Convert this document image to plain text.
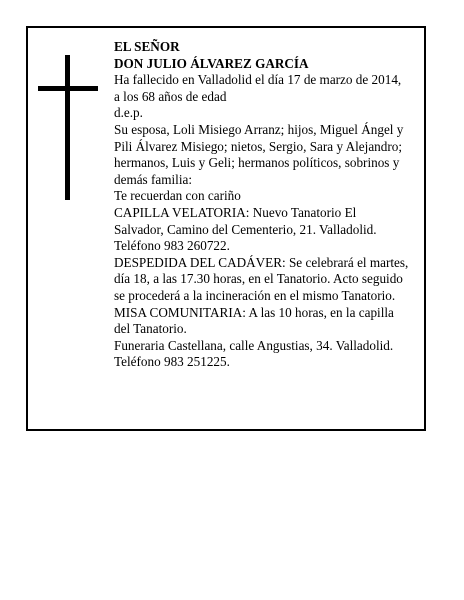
EL SEÑOR
DON JULIO ÁLVAREZ GARCÍA
Ha fallecido en Valladolid el día 17 de marzo de 2014,
a los 68 años de edad
d.e.p.
Su esposa, Loli Misiego Arranz; hijos, Miguel Ángel y
Pili Álvarez Misiego; nietos, Sergio, Sara y Alejandro;
hermanos, Luis y Geli; hermanos políticos, sobrinos y
demás familia:
Te recuerdan con cariño
CAPILLA VELATORIA: Nuevo Tanatorio El
Salvador, Camino del Cementerio, 21. Valladolid.
Teléfono 983 260722.
DESPEDIDA DEL CADÁVER: Se celebrará el martes,
día 18, a las 17.30 horas, en el Tanatorio. Acto seguido
se procederá a la incineración en el mismo Tanatorio.
MISA COMUNITARIA: A las 10 horas, en la capilla
del Tanatorio.
Funeraria Castellana, calle Angustias, 34. Valladolid.
Teléfono 983 251225.
